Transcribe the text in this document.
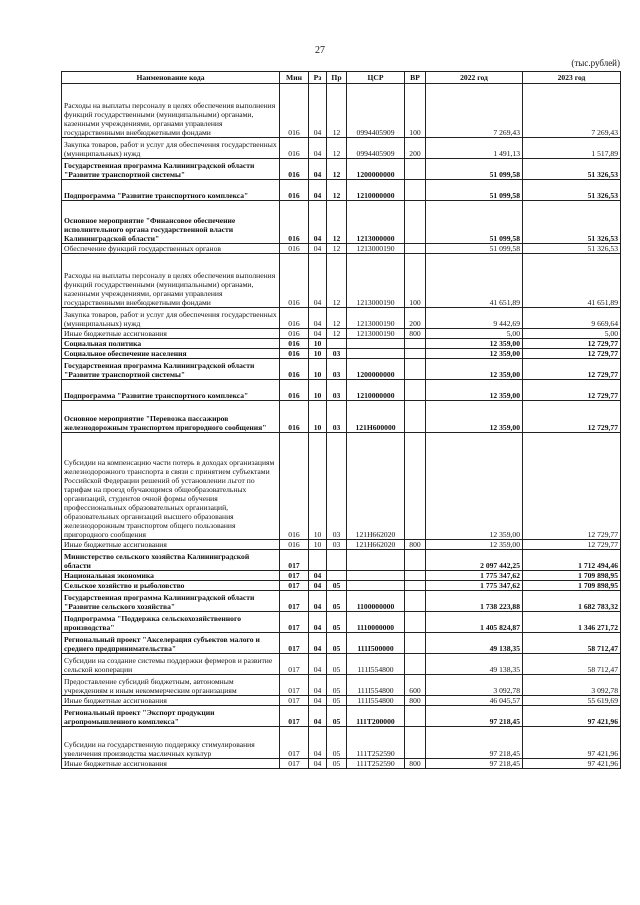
27
(тыс.рублей)
Наименование кода	Мин	Рз	Пр	ЦСР	ВР	2022 год	2023 год
Расходы на выплаты персоналу в целях обеспечения выполнения функций государственными (муниципальными) органами, казенными учреждениями, органами управления государственными внебюджетными фондами	016	04	12	0994405909	100	7 269,43	7 269,43
Закупка товаров, работ и услуг для обеспечения государственных (муниципальных) нужд	016	04	12	0994405909	200	1 491,13	1 517,89
Государственная программа Калининградской области "Развитие транспортной системы"	016	04	12	1200000000		51 099,58	51 326,53
Подпрограмма "Развитие транспортного комплекса"	016	04	12	1210000000		51 099,58	51 326,53
Основное мероприятие "Финансовое обеспечение исполнительного органа государственной власти Калининградской области"	016	04	12	1213000000		51 099,58	51 326,53
Обеспечение функций государственных органов	016	04	12	1213000190		51 099,58	51 326,53
Расходы на выплаты персоналу в целях обеспечения выполнения функций государственными (муниципальными) органами, казенными учреждениями, органами управления государственными внебюджетными фондами	016	04	12	1213000190	100	41 651,89	41 651,89
Закупка товаров, работ и услуг для обеспечения государственных (муниципальных) нужд	016	04	12	1213000190	200	9 442,69	9 669,64
Иные бюджетные ассигнования	016	04	12	1213000190	800	5,00	5,00
Социальная политика	016	10				12 359,00	12 729,77
Социальное обеспечение населения	016	10	03			12 359,00	12 729,77
Государственная программа Калининградской области "Развитие транспортной системы"	016	10	03	1200000000		12 359,00	12 729,77
Подпрограмма "Развитие транспортного комплекса"	016	10	03	1210000000		12 359,00	12 729,77
Основное мероприятие "Перевозка пассажиров железнодорожным транспортом пригородного сообщения"	016	10	03	121Н600000		12 359,00	12 729,77
Субсидии на компенсацию части потерь в доходах организациям железнодорожного транспорта в связи с принятием субъектами Российской Федерации решений об установлении льгот по тарифам на проезд обучающимся общеобразовательных организаций, студентов очной формы обучения профессиональных образовательных организаций, образовательных организаций высшего образования железнодорожным транспортом общего пользования пригородного сообщения	016	10	03	121Н662020		12 359,00	12 729,77
Иные бюджетные ассигнования	016	10	03	121Н662020	800	12 359,00	12 729,77
Министерство сельского хозяйства Калининградской области	017					2 097 442,25	1 712 494,46
Национальная экономика	017	04				1 775 347,62	1 709 898,95
Сельское хозяйство и рыболовство	017	04	05			1 775 347,62	1 709 898,95
Государственная программа Калининградской области "Развитие сельского хозяйства"	017	04	05	1100000000		1 738 223,88	1 682 783,32
Подпрограмма "Поддержка сельскохозяйственного производства"	017	04	05	1110000000		1 405 824,87	1 346 271,72
Региональный проект "Акселерация субъектов малого и среднего предпринимательства"	017	04	05	111I500000		49 138,35	58 712,47
Субсидии на создание системы поддержки фермеров и развитие сельской кооперации	017	04	05	111I554800		49 138,35	58 712,47
Предоставление субсидий бюджетным, автономным учреждениям и иным некоммерческим организациям	017	04	05	111I554800	600	3 092,78	3 092,78
Иные бюджетные ассигнования	017	04	05	111I554800	800	46 045,57	55 619,69
Региональный проект "Экспорт продукции агропромышленного комплекса"	017	04	05	111T200000		97 218,45	97 421,96
Субсидии на государственную поддержку стимулирования увеличения производства масличных культур	017	04	05	111T252590		97 218,45	97 421,96
Иные бюджетные ассигнования	017	04	05	111T252590	800	97 218,45	97 421,96
